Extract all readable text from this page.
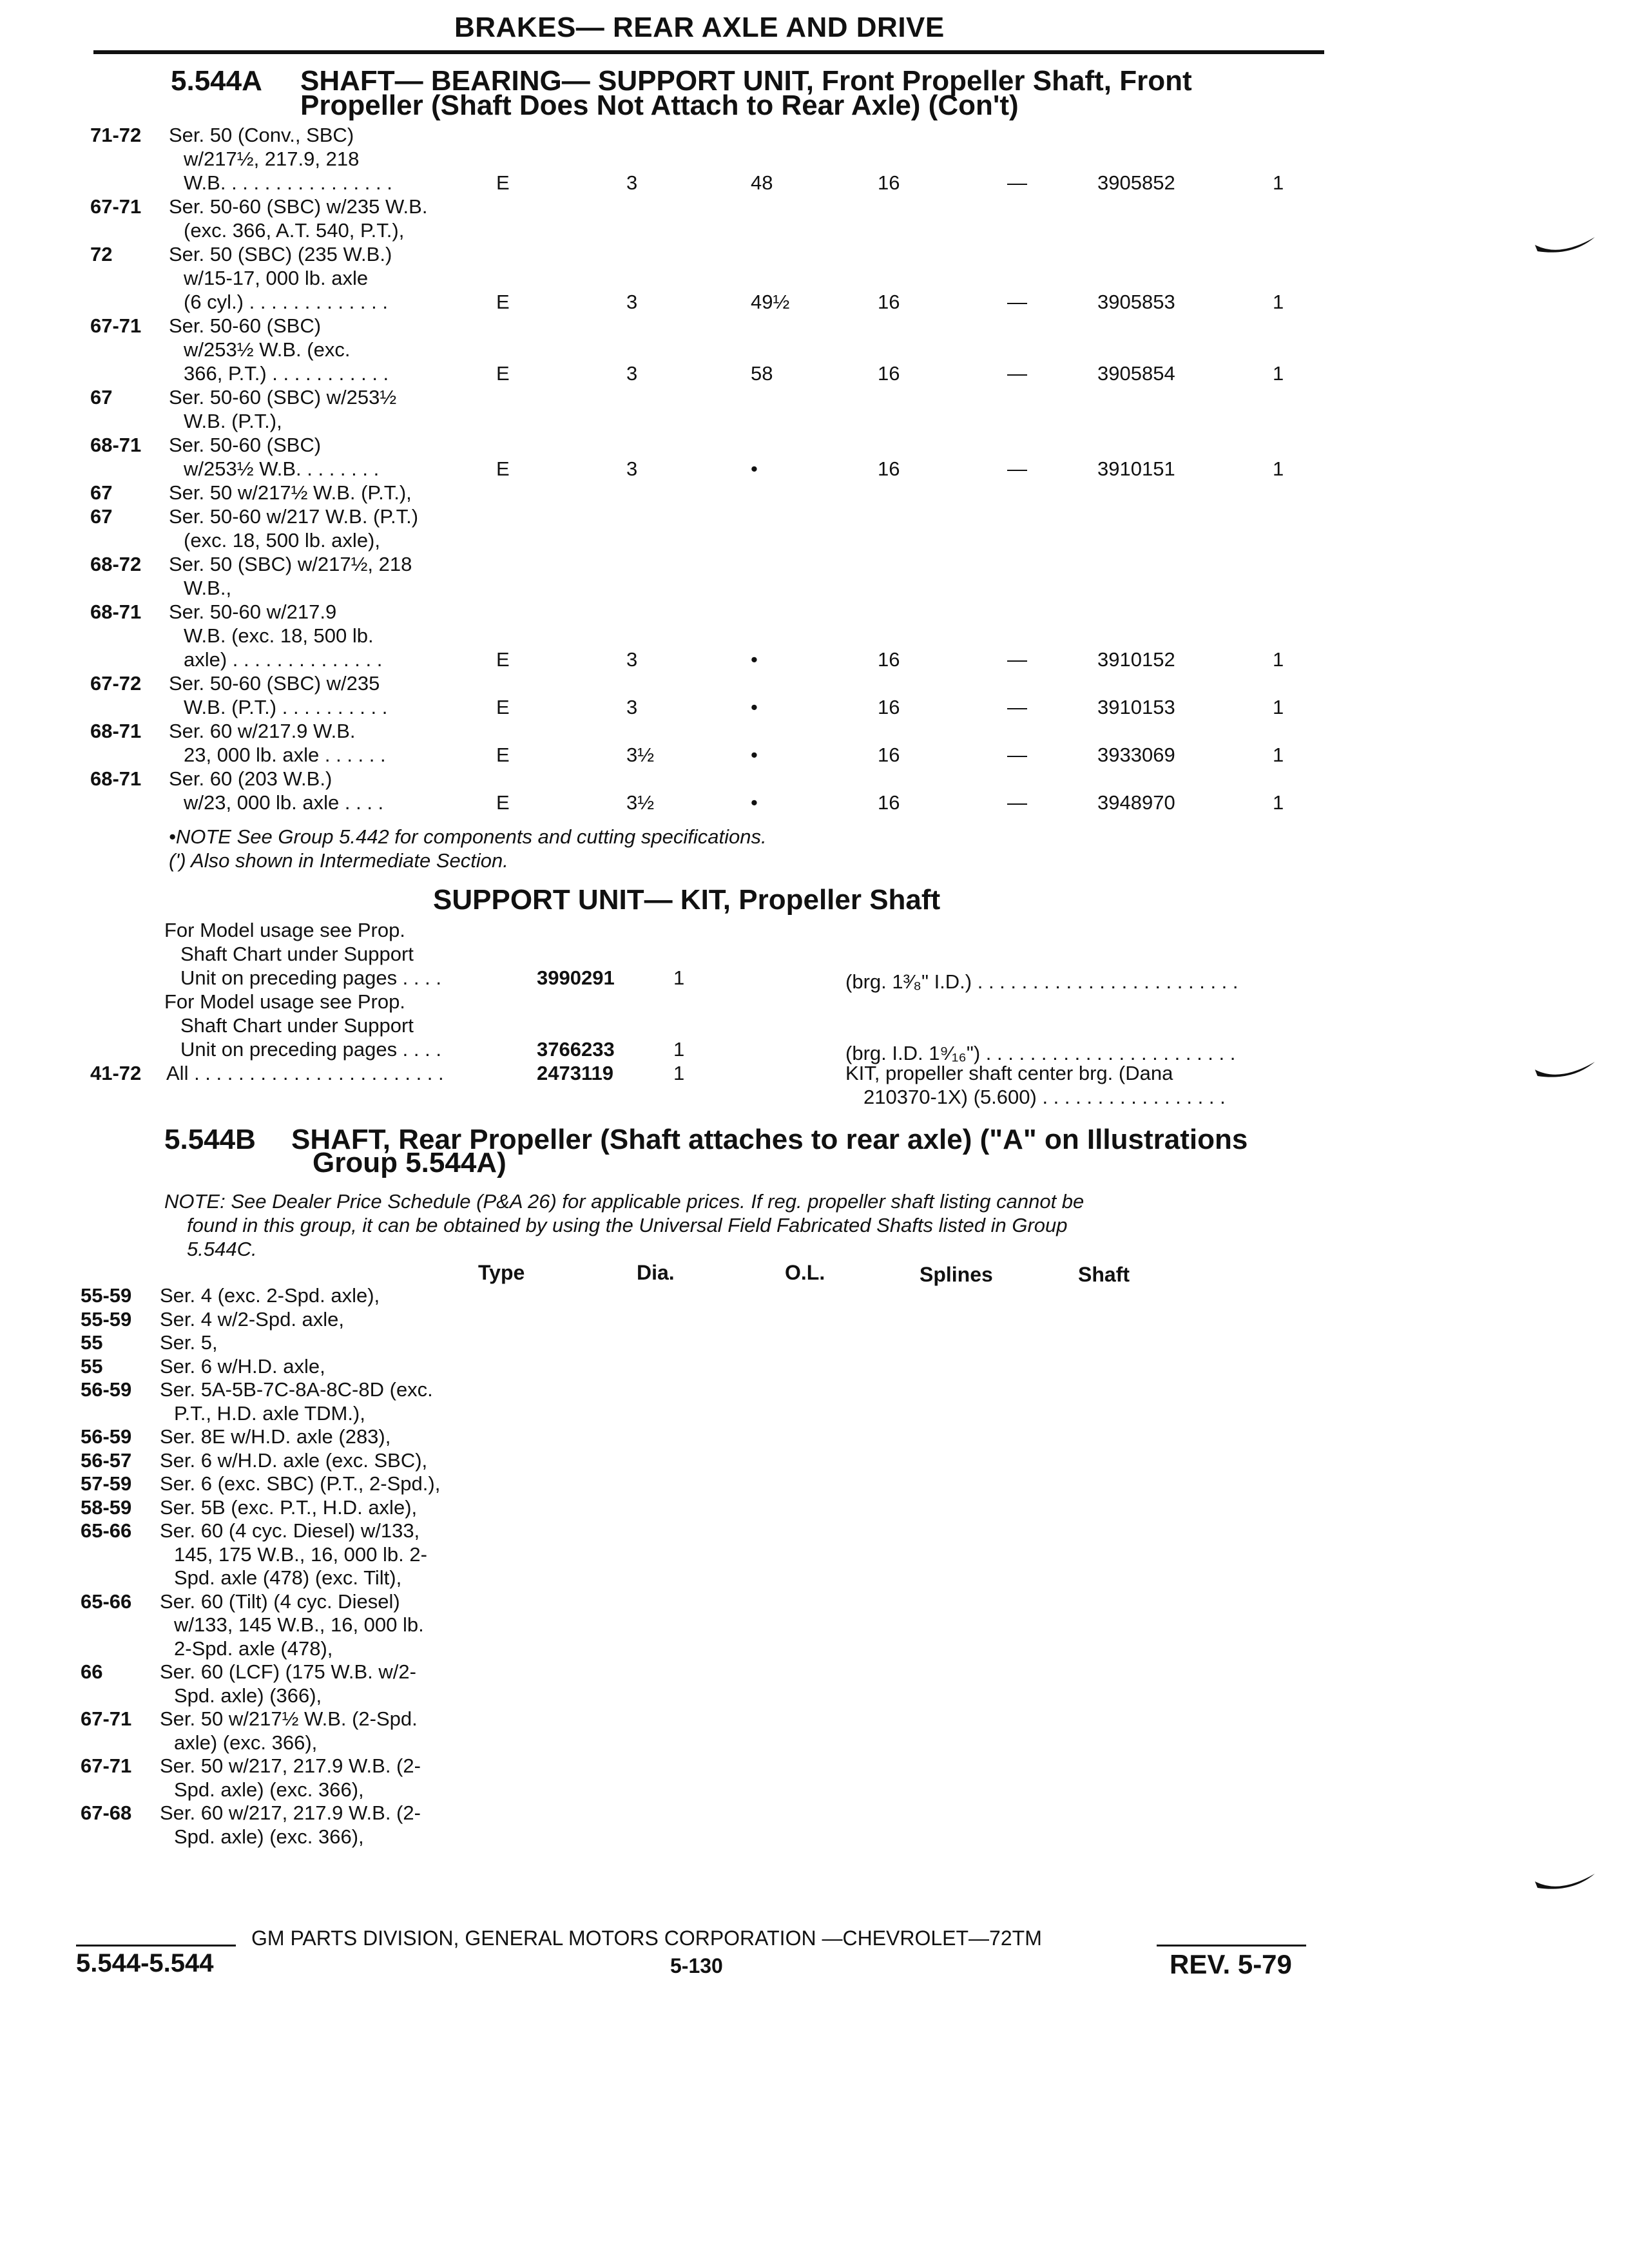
BRAKES— REAR AXLE AND DRIVE
5.544A SHAFT— BEARING— SUPPORT UNIT, Front Propeller Shaft, Front
Propeller (Shaft Does Not Attach to Rear Axle) (Con't)
71-72 Ser. 50 (Conv., SBC)
w/217½, 217.9, 218
W.B. . . . . . . . . . . . . . . .	E	3	48	16	—	3905852	1
67-71 Ser. 50-60 (SBC) w/235 W.B.
(exc. 366, A.T. 540, P.T.),
72	Ser. 50 (SBC) (235 W.B.)
w/15-17, 000 lb. axle
(6 cyl.) . . . . . . . . . . . . .	E	3	49½	16	—	3905853	1
67-71 Ser. 50-60 (SBC)
w/253½ W.B. (exc.
366, P.T.) . . . . . . . . . . .	E	3	58	16	—	3905854	1
67	Ser. 50-60 (SBC) w/253½
W.B. (P.T.),
68-71 Ser. 50-60 (SBC)
w/253½ W.B. . . . . . . .	E	3	•	16	—	3910151	1
67	Ser. 50 w/217½ W.B. (P.T.),
67	Ser. 50-60 w/217 W.B. (P.T.)
(exc. 18, 500 lb. axle),
68-72 Ser. 50 (SBC) w/217½, 218
W.B.,
68-71 Ser. 50-60 w/217.9
W.B. (exc. 18, 500 lb.
axle) . . . . . . . . . . . . . .	E	3	•	16	—	3910152	1
67-72 Ser. 50-60 (SBC) w/235
W.B. (P.T.) . . . . . . . . . .	E	3	•	16	—	3910153	1
68-71 Ser. 60 w/217.9 W.B.
23, 000 lb. axle . . . . . .	E	3½	•	16	—	3933069	1
68-71 Ser. 60 (203 W.B.)
w/23, 000 lb. axle . . . .	E	3½	•	16	—	3948970	1
•NOTE See Group 5.442 for components and cutting specifications.
(') Also shown in Intermediate Section.
SUPPORT UNIT— KIT, Propeller Shaft
For Model usage see Prop.
Shaft Chart under Support
Unit on preceding pages . . . .	3990291	1	(brg. 1³⁄₈" I.D.) . . . . . . . . . . . . . . . . . . . . . . . .
For Model usage see Prop.
Shaft Chart under Support
Unit on preceding pages . . . .	3766233	1	(brg. I.D. 1⁹⁄₁₆") . . . . . . . . . . . . . . . . . . . . . . .
41-72 All . . . . . . . . . . . . . . . . . . . . . . .	2473119	1	KIT, propeller shaft center brg. (Dana
210370-1X) (5.600) . . . . . . . . . . . . . . . . .
5.544B SHAFT, Rear Propeller (Shaft attaches to rear axle) ("A" on Illustrations
Group 5.544A)
NOTE: See Dealer Price Schedule (P&A 26) for applicable prices. If reg. propeller shaft listing cannot be
found in this group, it can be obtained by using the Universal Field Fabricated Shafts listed in Group
5.544C.
Type	Dia.	O.L.	Splines	Shaft
55-59 Ser. 4 (exc. 2-Spd. axle),
55-59 Ser. 4 w/2-Spd. axle,
55	Ser. 5,
55	Ser. 6 w/H.D. axle,
56-59 Ser. 5A-5B-7C-8A-8C-8D (exc.
P.T., H.D. axle TDM.),
56-59 Ser. 8E w/H.D. axle (283),
56-57 Ser. 6 w/H.D. axle (exc. SBC),
57-59 Ser. 6 (exc. SBC) (P.T., 2-Spd.),
58-59 Ser. 5B (exc. P.T., H.D. axle),
65-66 Ser. 60 (4 cyc. Diesel) w/133,
145, 175 W.B., 16, 000 lb. 2-
Spd. axle (478) (exc. Tilt),
65-66 Ser. 60 (Tilt) (4 cyc. Diesel)
w/133, 145 W.B., 16, 000 lb.
2-Spd. axle (478),
66	Ser. 60 (LCF) (175 W.B. w/2-
Spd. axle) (366),
67-71 Ser. 50 w/217½ W.B. (2-Spd.
axle) (exc. 366),
67-71 Ser. 50 w/217, 217.9 W.B. (2-
Spd. axle) (exc. 366),
67-68 Ser. 60 w/217, 217.9 W.B. (2-
Spd. axle) (exc. 366),
GM PARTS DIVISION, GENERAL MOTORS CORPORATION —CHEVROLET—72TM
5.544-5.544	5-130	REV. 5-79
